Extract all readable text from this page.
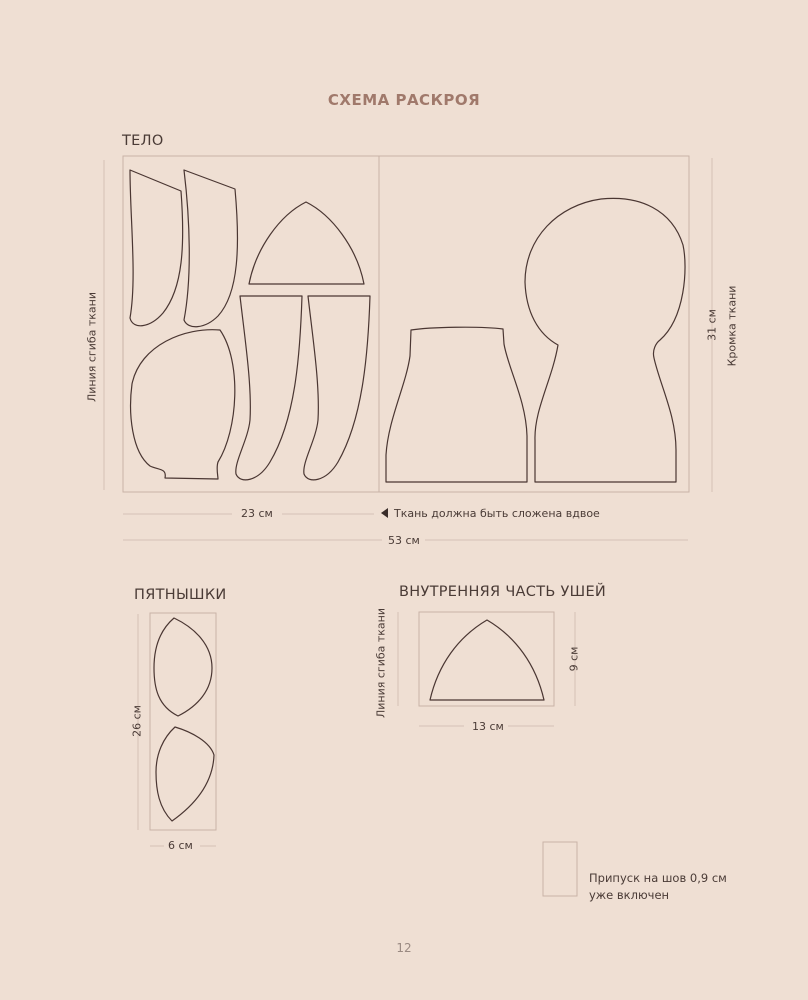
СХЕМА РАСКРОЯ
ТЕЛО
Линия сгиба ткани	31 см Кромка ткани
23 см	Ткань должна быть сложена вдвое
53 см
ПЯТНЫШКИ
26 см
6 см
ВНУТРЕННЯЯ ЧАСТЬ УШЕЙ
Линия сгиба ткани	9 см
13 см
Припуск на шов 0,9 см
уже включен
12
